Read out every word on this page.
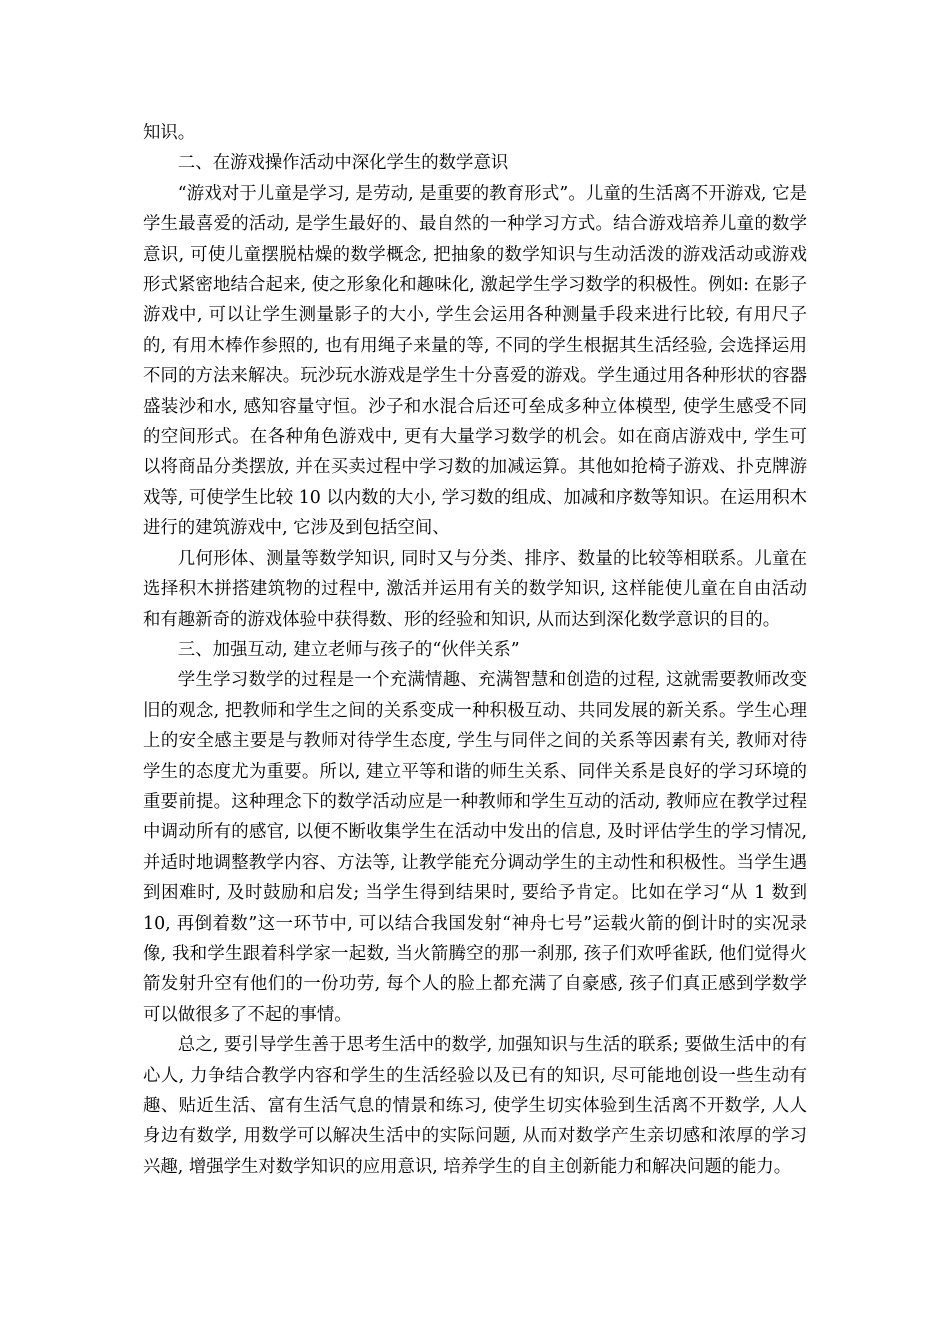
知识。

二、在游戏操作活动中深化学生的数学意识

“游戏对于儿童是学习, 是劳动, 是重要的教育形式”。儿童的生活离不开游戏, 它是学生最喜爱的活动, 是学生最好的、最自然的一种学习方式。结合游戏培养儿童的数学意识, 可使儿童摆脱枯燥的数学概念, 把抽象的数学知识与生动活泼的游戏活动或游戏形式紧密地结合起来, 使之形象化和趣味化, 激起学生学习数学的积极性。例如: 在影子游戏中, 可以让学生测量影子的大小, 学生会运用各种测量手段来进行比较, 有用尺子的, 有用木棒作参照的, 也有用绳子来量的等, 不同的学生根据其生活经验, 会选择运用不同的方法来解决。玩沙玩水游戏是学生十分喜爱的游戏。学生通过用各种形状的容器盛装沙和水, 感知容量守恒。沙子和水混合后还可垒成多种立体模型, 使学生感受不同的空间形式。在各种角色游戏中, 更有大量学习数学的机会。如在商店游戏中, 学生可以将商品分类摆放, 并在买卖过程中学习数的加减运算。其他如抢椅子游戏、扑克牌游戏等, 可使学生比较 10 以内数的大小, 学习数的组成、加减和序数等知识。在运用积木进行的建筑游戏中, 它涉及到包括空间、

几何形体、测量等数学知识, 同时又与分类、排序、数量的比较等相联系。儿童在选择积木拼搭建筑物的过程中, 激活并运用有关的数学知识, 这样能使儿童在自由活动和有趣新奇的游戏体验中获得数、形的经验和知识, 从而达到深化数学意识的目的。

三、加强互动, 建立老师与孩子的“伙伴关系”

学生学习数学的过程是一个充满情趣、充满智慧和创造的过程, 这就需要教师改变旧的观念, 把教师和学生之间的关系变成一种积极互动、共同发展的新关系。学生心理上的安全感主要是与教师对待学生态度, 学生与同伴之间的关系等因素有关, 教师对待学生的态度尤为重要。所以, 建立平等和谐的师生关系、同伴关系是良好的学习环境的重要前提。这种理念下的数学活动应是一种教师和学生互动的活动, 教师应在教学过程中调动所有的感官, 以便不断收集学生在活动中发出的信息, 及时评估学生的学习情况, 并适时地调整教学内容、方法等, 让教学能充分调动学生的主动性和积极性。当学生遇到困难时, 及时鼓励和启发; 当学生得到结果时, 要给予肯定。比如在学习“从 1 数到 10, 再倒着数”这一环节中, 可以结合我国发射“神舟七号”运载火箭的倒计时的实况录像, 我和学生跟着科学家一起数, 当火箭腾空的那一刹那, 孩子们欢呼雀跃, 他们觉得火箭发射升空有他们的一份功劳, 每个人的脸上都充满了自豪感, 孩子们真正感到学数学可以做很多了不起的事情。

总之, 要引导学生善于思考生活中的数学, 加强知识与生活的联系; 要做生活中的有心人, 力争结合教学内容和学生的生活经验以及已有的知识, 尽可能地创设一些生动有趣、贴近生活、富有生活气息的情景和练习, 使学生切实体验到生活离不开数学, 人人身边有数学, 用数学可以解决生活中的实际问题, 从而对数学产生亲切感和浓厚的学习兴趣, 增强学生对数学知识的应用意识, 培养学生的自主创新能力和解决问题的能力。
